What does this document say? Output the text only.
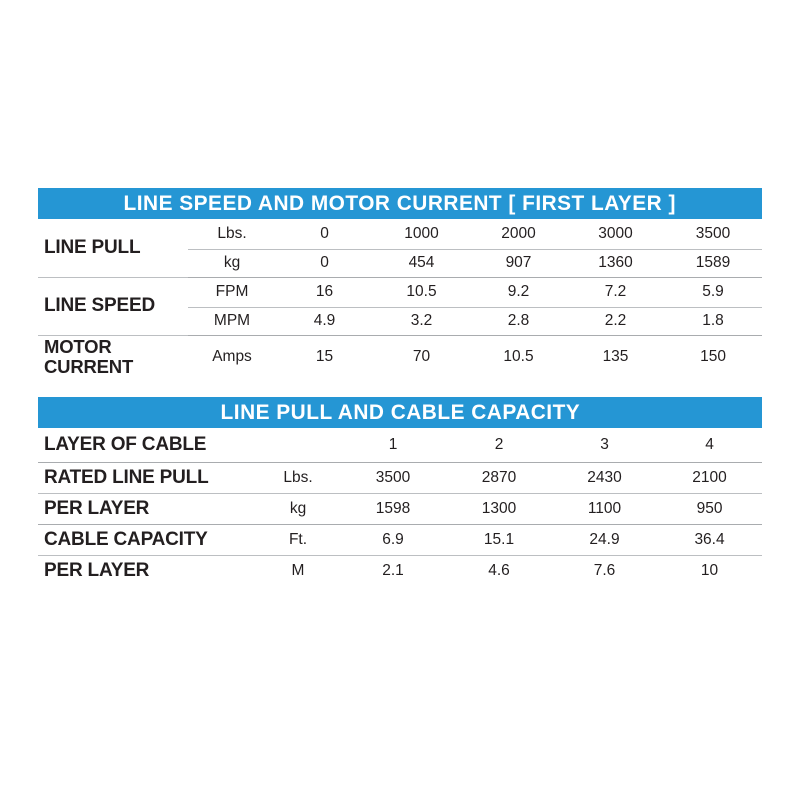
LINE SPEED AND MOTOR CURRENT [ FIRST LAYER ]						
LINE PULL	Lbs.	0	1000	2000	3000	3500
	kg	0	454	907	1360	1589
LINE SPEED	FPM	16	10.5	9.2	7.2	5.9
	MPM	4.9	3.2	2.8	2.2	1.8
MOTOR CURRENT	Amps	15	70	10.5	135	150
LINE PULL AND CABLE CAPACITY					
LAYER OF CABLE		1	2	3	4
RATED LINE PULL	Lbs.	3500	2870	2430	2100
PER LAYER	kg	1598	1300	1100	950
CABLE CAPACITY	Ft.	6.9	15.1	24.9	36.4
PER LAYER	M	2.1	4.6	7.6	10
